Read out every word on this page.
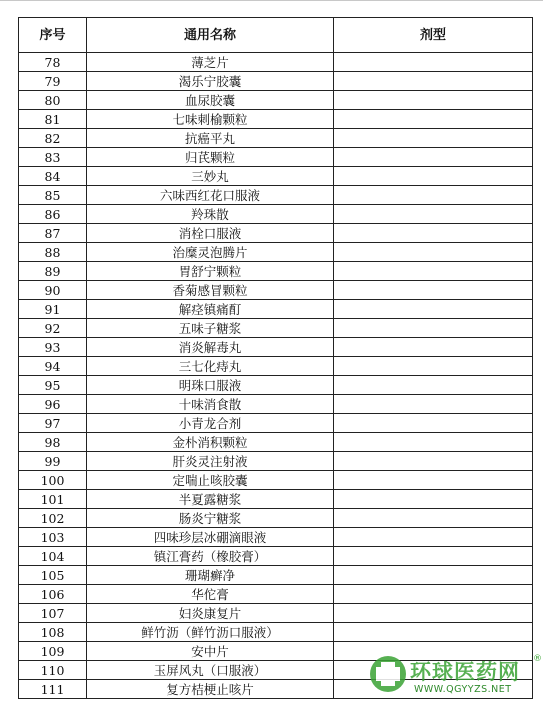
序号	通用名称	剂型
78	薄芝片	
79	渴乐宁胶囊	
80	血尿胶囊	
81	七味刺榆颗粒	
82	抗癌平丸	
83	归芪颗粒	
84	三妙丸	
85	六味西红花口服液	
86	羚珠散	
87	消栓口服液	
88	治糜灵泡腾片	
89	胃舒宁颗粒	
90	香菊感冒颗粒	
91	解痉镇痛酊	
92	五味子糖浆	
93	消炎解毒丸	
94	三七化痔丸	
95	明珠口服液	
96	十味消食散	
97	小青龙合剂	
98	金朴消积颗粒	
99	肝炎灵注射液	
100	定喘止咳胶囊	
101	半夏露糖浆	
102	肠炎宁糖浆	
103	四味珍层冰硼滴眼液	
104	镇江膏药（橡胶膏）	
105	珊瑚癣净	
106	华佗膏	
107	妇炎康复片	
108	鲜竹沥（鲜竹沥口服液）	
109	安中片	
110	玉屏风丸（口服液）	
111	复方桔梗止咳片	
环球医药网
®
WWW.QGYYZS.NET
